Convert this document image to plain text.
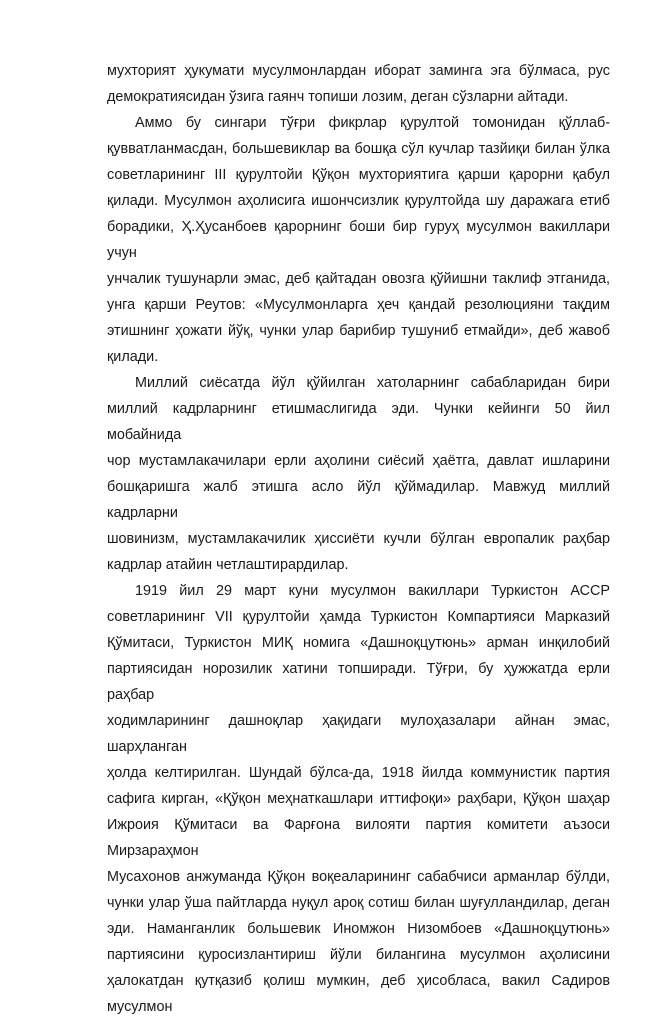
мухторият ҳукумати мусулмонлардан иборат заминга эга бўлмаса, рус

демократиясидан ўзига гаянч топиши лозим, деган сўзларни айтади.

Аммо бу сингари тўғри фикрлар қурултой томонидан қўллаб-

қувватланмасдан, большевиклар ва бошқа сўл кучлар тазйиқи билан ўлка

советларининг III қурултойи Қўқон мухториятига қарши қарорни қабул

қилади. Мусулмон аҳолисига ишончсизлик қурултойда шу даражага етиб

борадики, Ҳ.Ҳусанбоев қарорнинг боши бир гуруҳ мусулмон вакиллари учун

унчалик тушунарли эмас, деб қайтадан овозга қўйишни таклиф этганида,

унга қарши Реутов: «Мусулмонларга ҳеч қандай резолюцияни тақдим

этишнинг ҳожати йўқ, чунки улар барибир тушуниб етмайди», деб жавоб

қилади.

Миллий сиёсатда йўл қўйилган хатоларнинг сабабларидан бири

миллий кадрларнинг етишмаслигида эди. Чунки кейинги 50 йил мобайнида

чор мустамлакачилари ерли аҳолини сиёсий ҳаётга, давлат ишларини

бошқаришга жалб этишга асло йўл қўймадилар. Мавжуд миллий кадрларни

шовинизм, мустамлакачилик ҳиссиёти кучли бўлган европалик раҳбар

кадрлар атайин четлаштирардилар.

1919 йил 29 март куни мусулмон вакиллари Туркистон АССР

советларининг VII қурултойи ҳамда Туркистон Компартияси Марказий

Қўмитаси, Туркистон МИҚ номига «Дашноқцутюнь» арман инқилобий

партиясидан норозилик хатини топширади. Тўғри, бу ҳужжатда ерли раҳбар

ходимларининг дашноқлар ҳақидаги мулоҳазалари айнан эмас, шарҳланган

ҳолда келтирилган. Шундай бўлса-да, 1918 йилда коммунистик партия

сафига кирган, «Қўқон меҳнаткашлари иттифоқи» раҳбари, Қўқон шаҳар

Ижроия Қўмитаси ва Фарғона вилояти партия комитети аъзоси Мирзараҳмон

Мусахонов анжуманда Қўқон воқеаларининг сабабчиси арманлар бўлди,

чунки улар ўша пайтларда нуқул ароқ сотиш билан шуғулландилар, деган

эди. Наманганлик большевик Иномжон Низомбоев «Дашноқцутюнь»

партиясини қуросизлантириш йўли билангина мусулмон аҳолисини

ҳалокатдан қутқазиб қолиш мумкин, деб ҳисобласа, вакил Садиров мусулмон
